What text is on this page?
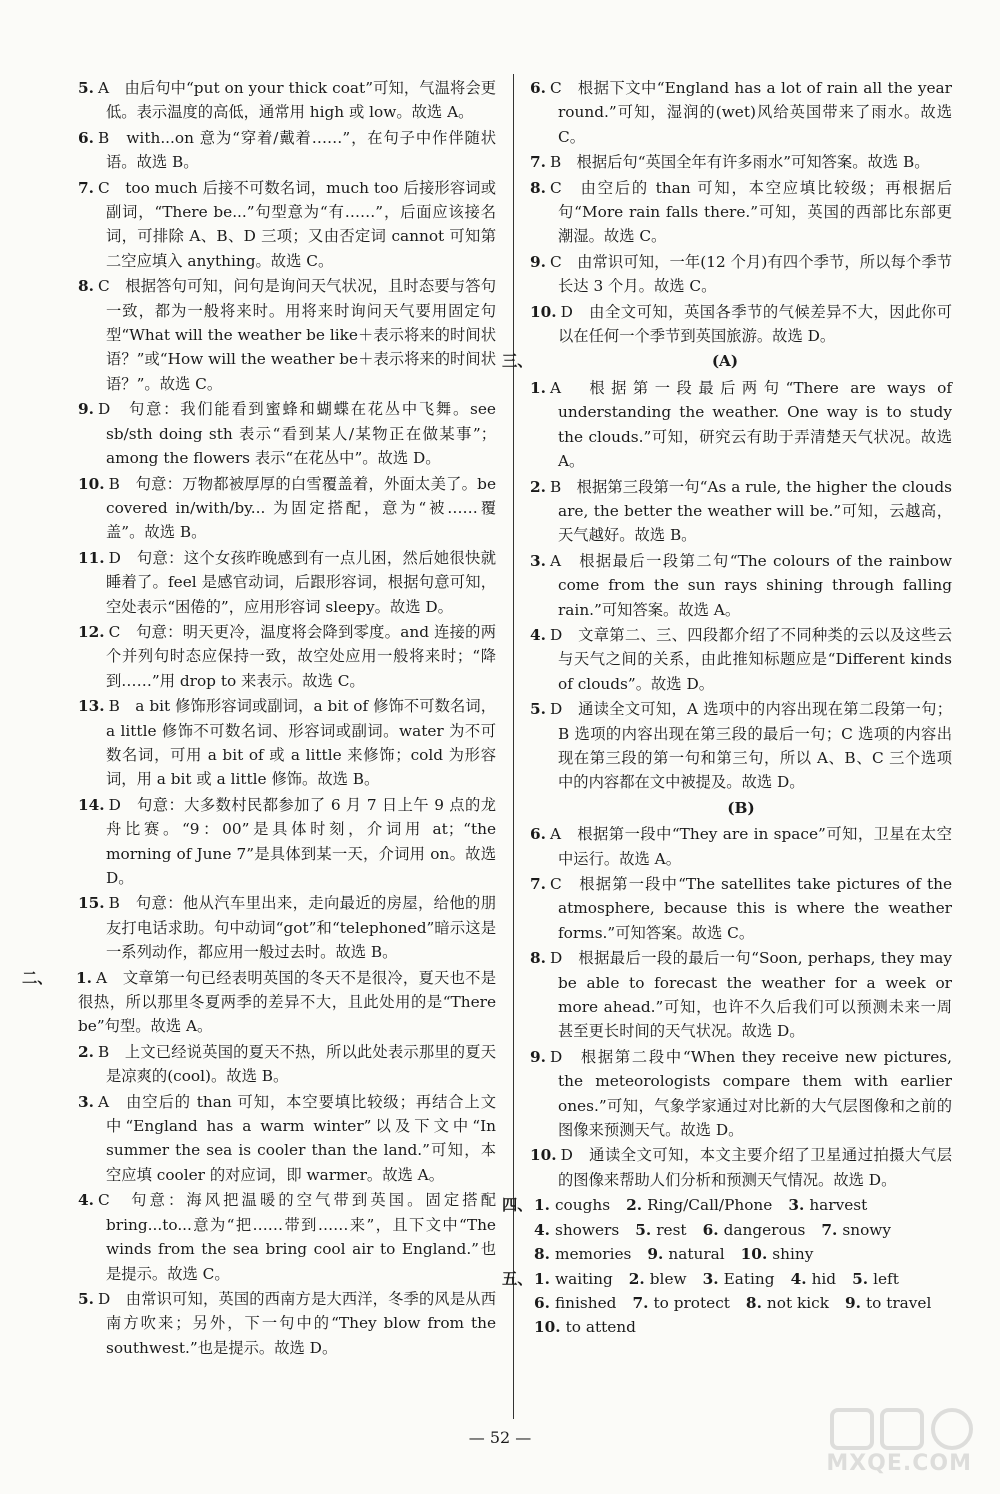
5. A　由后句中“put on your thick coat”可知，气温将会更低。表示温度的高低，通常用 high 或 low。故选 A。
6. B　with...on 意为“穿着/戴着……”，在句子中作伴随状语。故选 B。
7. C　too much 后接不可数名词，much too 后接形容词或副词，“There be...”句型意为“有……”，后面应该接名词，可排除 A、B、D 三项；又由否定词 cannot 可知第二空应填入 anything。故选 C。
8. C　根据答句可知，问句是询问天气状况，且时态要与答句一致，都为一般将来时。用将来时询问天气要用固定句型“What will the weather be like＋表示将来的时间状语？”或“How will the weather be＋表示将来的时间状语？”。故选 C。
9. D　句意：我们能看到蜜蜂和蝴蝶在花丛中飞舞。see sb/sth doing sth 表示“看到某人/某物正在做某事”；among the flowers 表示“在花丛中”。故选 D。
10. B　句意：万物都被厚厚的白雪覆盖着，外面太美了。be covered in/with/by... 为固定搭配，意为“被……覆盖”。故选 B。
11. D　句意：这个女孩昨晚感到有一点儿困，然后她很快就睡着了。feel 是感官动词，后跟形容词，根据句意可知，空处表示“困倦的”，应用形容词 sleepy。故选 D。
12. C　句意：明天更冷，温度将会降到零度。and 连接的两个并列句时态应保持一致，故空处应用一般将来时；“降到……”用 drop to 来表示。故选 C。
13. B　a bit 修饰形容词或副词，a bit of 修饰不可数名词，a little 修饰不可数名词、形容词或副词。water 为不可数名词，可用 a bit of 或 a little 来修饰；cold 为形容词，用 a bit 或 a little 修饰。故选 B。
14. D　句意：大多数村民都参加了 6 月 7 日上午 9 点的龙舟比赛。“9：00”是具体时刻，介词用 at；“the morning of June 7”是具体到某一天，介词用 on。故选 D。
15. B　句意：他从汽车里出来，走向最近的房屋，给他的朋友打电话求助。句中动词“got”和“telephoned”暗示这是一系列动作，都应用一般过去时。故选 B。
二、 1. A　文章第一句已经表明英国的冬天不是很冷，夏天也不是很热，所以那里冬夏两季的差异不大，且此处用的是“There be”句型。故选 A。
2. B　上文已经说英国的夏天不热，所以此处表示那里的夏天是凉爽的(cool)。故选 B。
3. A　由空后的 than 可知，本空要填比较级；再结合上文中“England has a warm winter”以及下文中“In summer the sea is cooler than the land.”可知，本空应填 cooler 的对应词，即 warmer。故选 A。
4. C　句意：海风把温暖的空气带到英国。固定搭配 bring...to...意为“把……带到……来”，且下文中“The winds from the sea bring cool air to England.”也是提示。故选 C。
5. D　由常识可知，英国的西南方是大西洋，冬季的风是从西南方吹来；另外，下一句中的“They blow from the southwest.”也是提示。故选 D。
6. C　根据下文中“England has a lot of rain all the year round.”可知，湿润的(wet)风给英国带来了雨水。故选 C。
7. B　根据后句“英国全年有许多雨水”可知答案。故选 B。
8. C　由空后的 than 可知，本空应填比较级；再根据后句“More rain falls there.”可知，英国的西部比东部更潮湿。故选 C。
9. C　由常识可知，一年(12 个月)有四个季节，所以每个季节长达 3 个月。故选 C。
10. D　由全文可知，英国各季节的气候差异不大，因此你可以在任何一个季节到英国旅游。故选 D。
三、	(A)
1. A　根据第一段最后两句“There are ways of understanding the weather. One way is to study the clouds.”可知，研究云有助于弄清楚天气状况。故选 A。
2. B　根据第三段第一句“As a rule, the higher the clouds are, the better the weather will be.”可知，云越高，天气越好。故选 B。
3. A　根据最后一段第二句“The colours of the rainbow come from the sun rays shining through falling rain.”可知答案。故选 A。
4. D　文章第二、三、四段都介绍了不同种类的云以及这些云与天气之间的关系，由此推知标题应是“Different kinds of clouds”。故选 D。
5. D　通读全文可知，A 选项中的内容出现在第二段第一句；B 选项的内容出现在第三段的最后一句；C 选项的内容出现在第三段的第一句和第三句，所以 A、B、C 三个选项中的内容都在文中被提及。故选 D。
(B)
6. A　根据第一段中“They are in space”可知，卫星在太空中运行。故选 A。
7. C　根据第一段中“The satellites take pictures of the atmosphere, because this is where the weather forms.”可知答案。故选 C。
8. D　根据最后一段的最后一句“Soon, perhaps, they may be able to forecast the weather for a week or more ahead.”可知，也许不久后我们可以预测未来一周甚至更长时间的天气状况。故选 D。
9. D　根据第二段中“When they receive new pictures, the meteorologists compare them with earlier ones.”可知，气象学家通过对比新的大气层图像和之前的图像来预测天气。故选 D。
10. D　通读全文可知，本文主要介绍了卫星通过拍摄大气层的图像来帮助人们分析和预测天气情况。故选 D。
四、 1. coughs 2. Ring/Call/Phone 3. harvest
4. showers 5. rest 6. dangerous 7. snowy
8. memories 9. natural 10. shiny
五、 1. waiting 2. blew 3. Eating 4. hid 5. left
6. finished 7. to protect 8. not kick 9. to travel
10. to attend
— 52 —
MXQE.COM
